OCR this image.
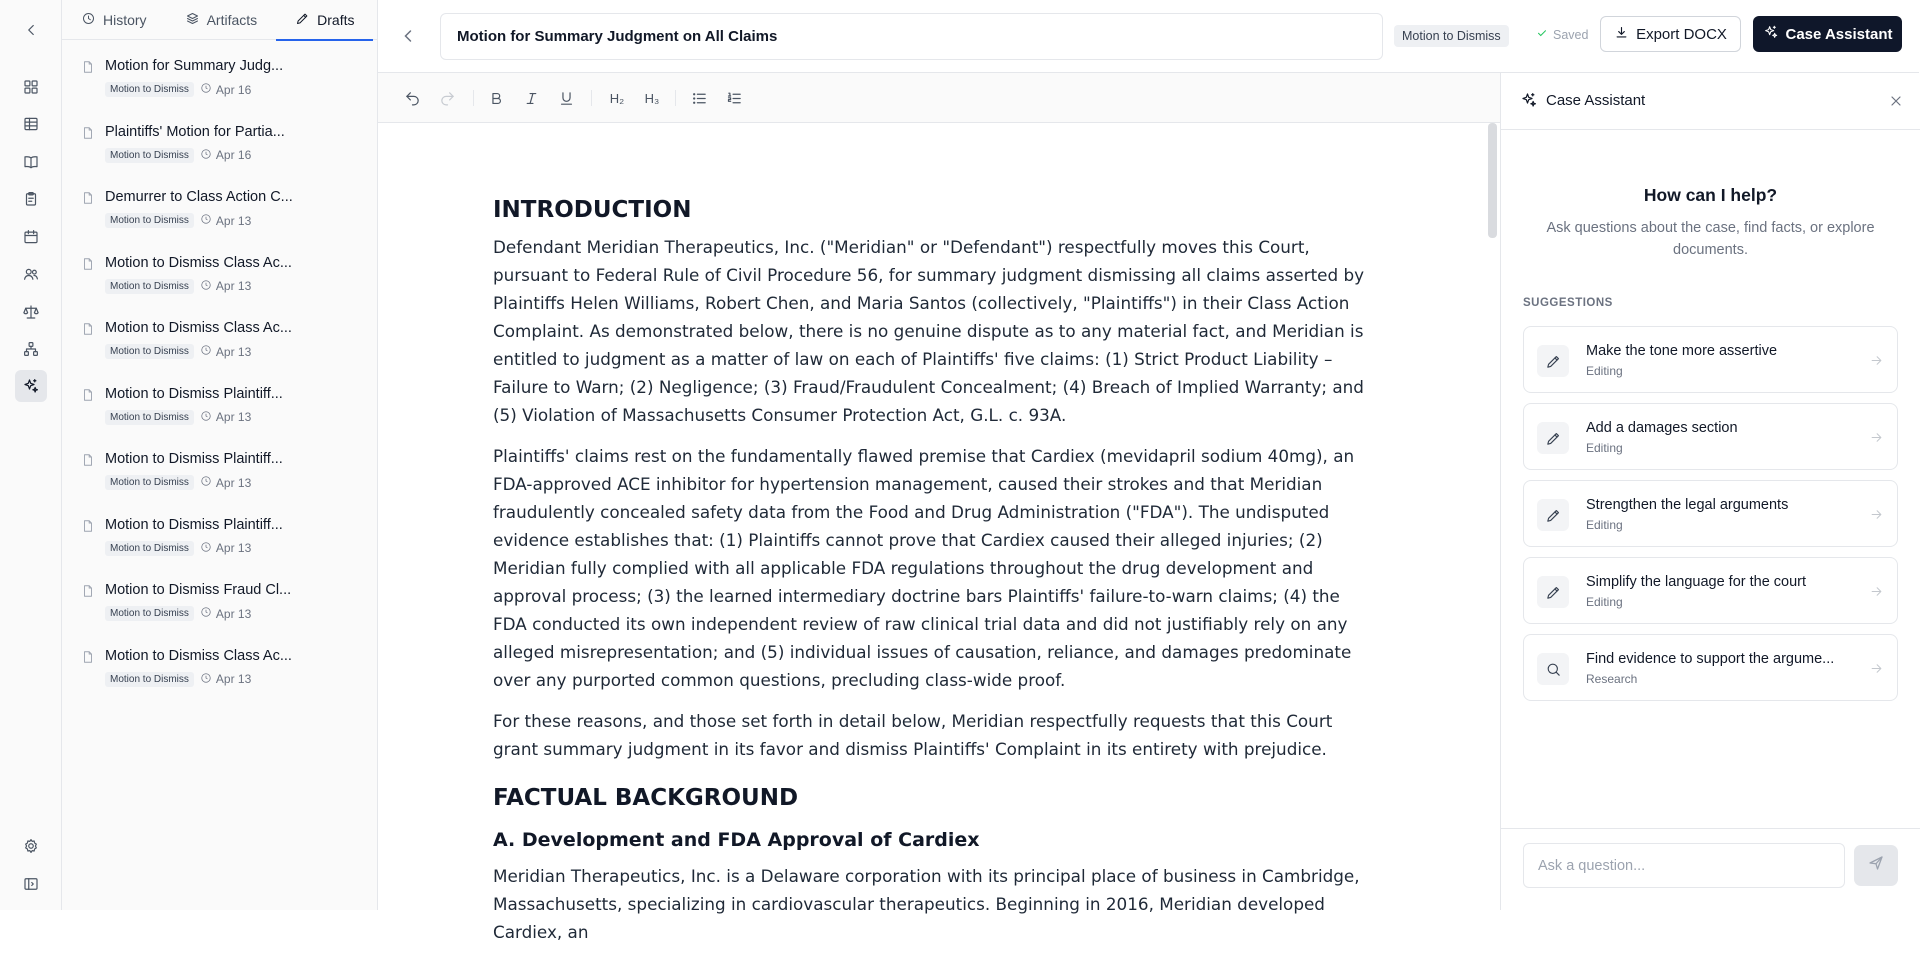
History	Artifacts	Drafts
Motion for Summary Judg...
Motion to Dismiss	Apr 16
Plaintiffs' Motion for Partia...
Motion to Dismiss	Apr 16
Demurrer to Class Action C...
Motion to Dismiss	Apr 13
Motion to Dismiss Class Ac...
Motion to Dismiss	Apr 13
Motion to Dismiss Class Ac...
Motion to Dismiss	Apr 13
Motion to Dismiss Plaintiff...
Motion to Dismiss	Apr 13
Motion to Dismiss Plaintiff...
Motion to Dismiss	Apr 13
Motion to Dismiss Plaintiff...
Motion to Dismiss	Apr 13
Motion to Dismiss Fraud Cl...
Motion to Dismiss	Apr 13
Motion to Dismiss Class Ac...
Motion to Dismiss	Apr 13
Motion for Summary Judgment on All Claims
Motion to Dismiss	Saved	Export DOCX	Case Assistant
H₂	H₃
INTRODUCTION

Defendant Meridian Therapeutics, Inc. ("Meridian" or "Defendant") respectfully moves this Court, pursuant to Federal Rule of Civil Procedure 56, for summary judgment dismissing all claims asserted by Plaintiffs Helen Williams, Robert Chen, and Maria Santos (collectively, "Plaintiffs") in their Class Action Complaint. As demonstrated below, there is no genuine dispute as to any material fact, and Meridian is entitled to judgment as a matter of law on each of Plaintiffs' five claims: (1) Strict Product Liability – Failure to Warn; (2) Negligence; (3) Fraud/Fraudulent Concealment; (4) Breach of Implied Warranty; and (5) Violation of Massachusetts Consumer Protection Act, G.L. c. 93A.

Plaintiffs' claims rest on the fundamentally flawed premise that Cardiex (mevidapril sodium 40mg), an FDA-approved ACE inhibitor for hypertension management, caused their strokes and that Meridian fraudulently concealed safety data from the Food and Drug Administration ("FDA"). The undisputed evidence establishes that: (1) Plaintiffs cannot prove that Cardiex caused their alleged injuries; (2) Meridian fully complied with all applicable FDA regulations throughout the drug development and approval process; (3) the learned intermediary doctrine bars Plaintiffs' failure-to-warn claims; (4) the FDA conducted its own independent review of raw clinical trial data and did not justifiably rely on any alleged misrepresentation; and (5) individual issues of causation, reliance, and damages predominate over any purported common questions, precluding class-wide proof.

For these reasons, and those set forth in detail below, Meridian respectfully requests that this Court grant summary judgment in its favor and dismiss Plaintiffs' Complaint in its entirety with prejudice.

FACTUAL BACKGROUND
A. Development and FDA Approval of Cardiex

Meridian Therapeutics, Inc. is a Delaware corporation with its principal place of business in Cambridge, Massachusetts, specializing in cardiovascular therapeutics. Beginning in 2016, Meridian developed Cardiex, an

Case Assistant
How can I help?
Ask questions about the case, find facts, or explore documents.
SUGGESTIONS
Make the tone more assertive
Editing
Add a damages section
Editing
Strengthen the legal arguments
Editing
Simplify the language for the court
Editing
Find evidence to support the argume...
Research
Ask a question...
